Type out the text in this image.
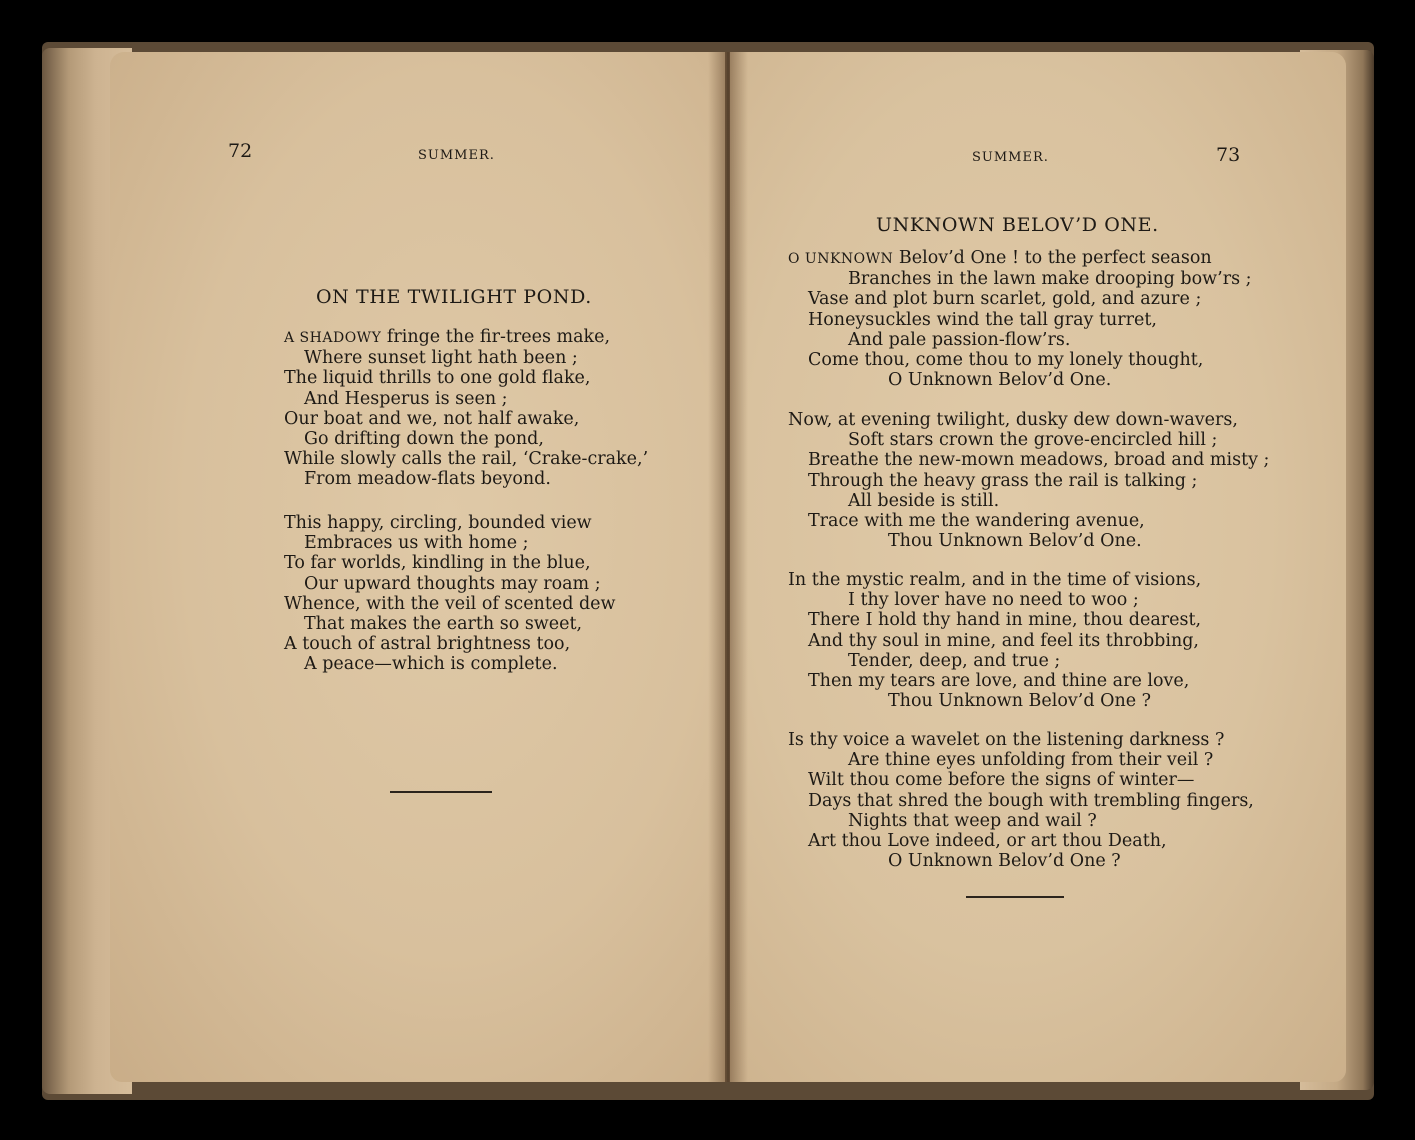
72	SUMMER.
ON THE TWILIGHT POND.
A SHADOWY fringe the fir-trees make,
Where sunset light hath been ;
The liquid thrills to one gold flake,
And Hesperus is seen ;
Our boat and we, not half awake,
Go drifting down the pond,
While slowly calls the rail, ‘Crake-crake,’
From meadow-flats beyond.
This happy, circling, bounded view
Embraces us with home ;
To far worlds, kindling in the blue,
Our upward thoughts may roam ;
Whence, with the veil of scented dew
That makes the earth so sweet,
A touch of astral brightness too,
A peace—which is complete.
SUMMER.	73
UNKNOWN BELOV’D ONE.
O UNKNOWN Belov’d One ! to the perfect season
Branches in the lawn make drooping bow’rs ;
Vase and plot burn scarlet, gold, and azure ;
Honeysuckles wind the tall gray turret,
And pale passion-flow’rs.
Come thou, come thou to my lonely thought,
O Unknown Belov’d One.
Now, at evening twilight, dusky dew down-wavers,
Soft stars crown the grove-encircled hill ;
Breathe the new-mown meadows, broad and misty ;
Through the heavy grass the rail is talking ;
All beside is still.
Trace with me the wandering avenue,
Thou Unknown Belov’d One.
In the mystic realm, and in the time of visions,
I thy lover have no need to woo ;
There I hold thy hand in mine, thou dearest,
And thy soul in mine, and feel its throbbing,
Tender, deep, and true ;
Then my tears are love, and thine are love,
Thou Unknown Belov’d One ?
Is thy voice a wavelet on the listening darkness ?
Are thine eyes unfolding from their veil ?
Wilt thou come before the signs of winter—
Days that shred the bough with trembling fingers,
Nights that weep and wail ?
Art thou Love indeed, or art thou Death,
O Unknown Belov’d One ?
